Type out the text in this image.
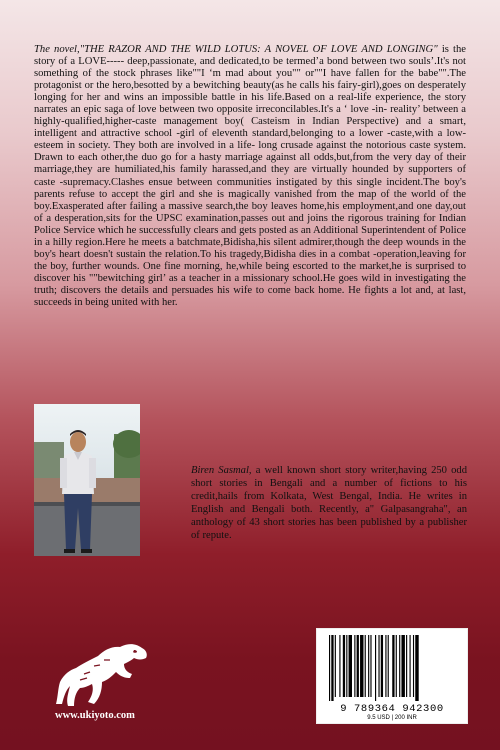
The novel,"THE RAZOR AND THE WILD LOTUS: A NOVEL OF LOVE AND LONGING" is the story of a LOVE----- deep,passionate, and dedicated,to be termed’a bond between two souls’.It's not something of the stock phrases like""I ‘m mad about you"" or""I have fallen for the babe"".The protagonist or the hero,besotted by a bewitching beauty(as he calls his fairy-girl),goes on desperately longing for her and wins an impossible battle in his life.Based on a real-life experience, the story narrates an epic saga of love between two opposite irreconcilables.It's a ‘ love -in- reality’ between a highly-qualified,higher-caste management boy( Casteism in Indian Perspective) and a smart, intelligent and attractive school -girl of eleventh standard,belonging to a lower -caste,with a low-esteem in society. They both are involved in a life- long crusade against the notorious caste system. Drawn to each other,the duo go for a hasty marriage against all odds,but,from the very day of their marriage,they are humiliated,his family harassed,and they are virtually hounded by supporters of caste -supremacy.Clashes ensue between communities instigated by this single incident.The boy's parents refuse to accept the girl and she is magically vanished from the map of the world of the boy.Exasperated after failing a massive search,the boy leaves home,his employment,and one day,out of a desperation,sits for the UPSC examination,passes out and joins the rigorous training for Indian Police Service which he successfully clears and gets posted as an Additional Superintendent of Police in a hilly region.Here he meets a batchmate,Bidisha,his silent admirer,though the deep wounds in the boy's heart doesn't sustain the relation.To his tragedy,Bidisha dies in a combat -operation,leaving for the boy, further wounds. One fine morning, he,while being escorted to the market,he is surprised to discover his ""bewitching girl’ as a teacher in a missionary school.He goes wild in investigating the truth; discovers the details and persuades his wife to come back home. He fights a lot and, at last, succeeds in being united with her.

Biren Sasmal, a well known short story writer,having 250 odd short stories in Bengali and a number of fictions to his credit,hails from Kolkata, West Bengal, India. He writes in English and Bengali both. Recently, a" Galpasangraha", an anthology of 43 short stories has been published by a publisher of repute.

www.ukiyoto.com
9 789364 942300
9.5 USD | 200 INR
